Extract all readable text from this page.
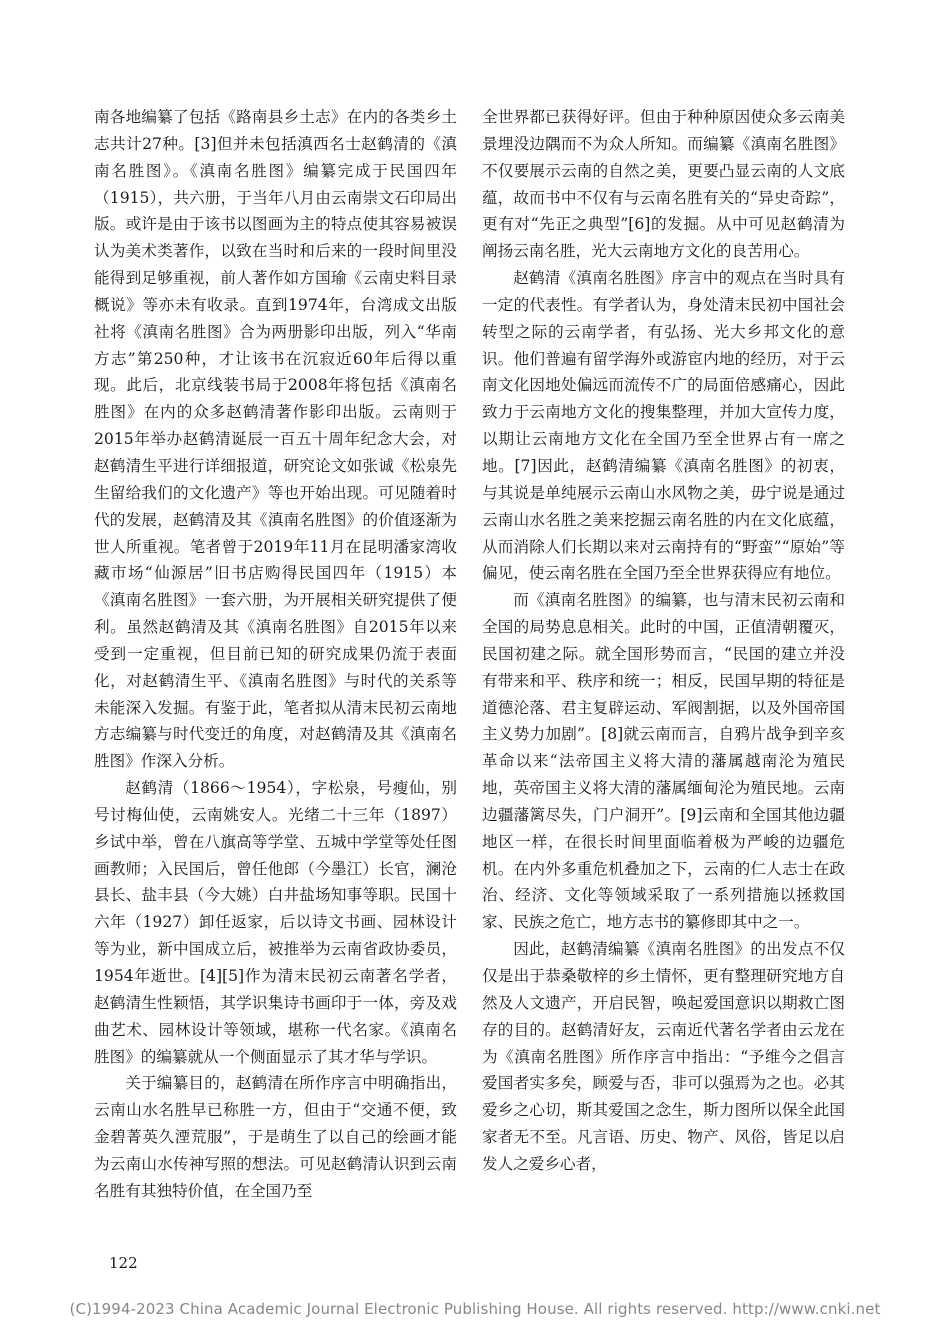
南各地编纂了包括《路南县乡土志》在内的各类乡土志共计27种。[3]但并未包括滇西名士赵鹤清的《滇南名胜图》。《滇南名胜图》编纂完成于民国四年（1915），共六册，于当年八月由云南崇文石印局出版。或许是由于该书以图画为主的特点使其容易被误认为美术类著作，以致在当时和后来的一段时间里没能得到足够重视，前人著作如方国瑜《云南史料目录概说》等亦未有收录。直到1974年，台湾成文出版社将《滇南名胜图》合为两册影印出版，列入“华南方志”第250种，才让该书在沉寂近60年后得以重现。此后，北京线装书局于2008年将包括《滇南名胜图》在内的众多赵鹤清著作影印出版。云南则于2015年举办赵鹤清诞辰一百五十周年纪念大会，对赵鹤清生平进行详细报道，研究论文如张诚《松泉先生留给我们的文化遗产》等也开始出现。可见随着时代的发展，赵鹤清及其《滇南名胜图》的价值逐渐为世人所重视。笔者曾于2019年11月在昆明潘家湾收藏市场“仙源居”旧书店购得民国四年（1915）本《滇南名胜图》一套六册，为开展相关研究提供了便利。虽然赵鹤清及其《滇南名胜图》自2015年以来受到一定重视，但目前已知的研究成果仍流于表面化，对赵鹤清生平、《滇南名胜图》与时代的关系等未能深入发掘。有鉴于此，笔者拟从清末民初云南地方志编纂与时代变迁的角度，对赵鹤清及其《滇南名胜图》作深入分析。

赵鹤清（1866～1954），字松泉，号瘦仙，别号讨梅仙使，云南姚安人。光绪二十三年（1897）乡试中举，曾在八旗高等学堂、五城中学堂等处任图画教师；入民国后，曾任他郎（今墨江）长官，澜沧县长、盐丰县（今大姚）白井盐场知事等职。民国十六年（1927）卸任返家，后以诗文书画、园林设计等为业，新中国成立后，被推举为云南省政协委员，1954年逝世。[4][5]作为清末民初云南著名学者，赵鹤清生性颖悟，其学识集诗书画印于一体，旁及戏曲艺术、园林设计等领域，堪称一代名家。《滇南名胜图》的编纂就从一个侧面显示了其才华与学识。

关于编纂目的，赵鹤清在所作序言中明确指出，云南山水名胜早已称胜一方，但由于“交通不便，致金碧菁英久湮荒服”，于是萌生了以自己的绘画才能为云南山水传神写照的想法。可见赵鹤清认识到云南名胜有其独特价值，在全国乃至

全世界都已获得好评。但由于种种原因使众多云南美景埋没边隅而不为众人所知。而编纂《滇南名胜图》不仅要展示云南的自然之美，更要凸显云南的人文底蕴，故而书中不仅有与云南名胜有关的“异史奇踪”，更有对“先正之典型”[6]的发掘。从中可见赵鹤清为阐扬云南名胜，光大云南地方文化的良苦用心。

赵鹤清《滇南名胜图》序言中的观点在当时具有一定的代表性。有学者认为，身处清末民初中国社会转型之际的云南学者，有弘扬、光大乡邦文化的意识。他们普遍有留学海外或游宦内地的经历，对于云南文化因地处偏远而流传不广的局面倍感痛心，因此致力于云南地方文化的搜集整理，并加大宣传力度，以期让云南地方文化在全国乃至全世界占有一席之地。[7]因此，赵鹤清编纂《滇南名胜图》的初衷，与其说是单纯展示云南山水风物之美，毋宁说是通过云南山水名胜之美来挖掘云南名胜的内在文化底蕴，从而消除人们长期以来对云南持有的“野蛮”“原始”等偏见，使云南名胜在全国乃至全世界获得应有地位。

而《滇南名胜图》的编纂，也与清末民初云南和全国的局势息息相关。此时的中国，正值清朝覆灭，民国初建之际。就全国形势而言，“民国的建立并没有带来和平、秩序和统一；相反，民国早期的特征是道德沦落、君主复辟运动、军阀割据，以及外国帝国主义势力加剧”。[8]就云南而言，自鸦片战争到辛亥革命以来“法帝国主义将大清的藩属越南沦为殖民地，英帝国主义将大清的藩属缅甸沦为殖民地。云南边疆藩篱尽失，门户洞开”。[9]云南和全国其他边疆地区一样，在很长时间里面临着极为严峻的边疆危机。在内外多重危机叠加之下，云南的仁人志士在政治、经济、文化等领域采取了一系列措施以拯救国家、民族之危亡，地方志书的纂修即其中之一。

因此，赵鹤清编纂《滇南名胜图》的出发点不仅仅是出于恭桑敬梓的乡土情怀，更有整理研究地方自然及人文遗产，开启民智，唤起爱国意识以期救亡图存的目的。赵鹤清好友，云南近代著名学者由云龙在为《滇南名胜图》所作序言中指出：“予维今之倡言爱国者实多矣，顾爱与否，非可以强焉为之也。必其爱乡之心切，斯其爱国之念生，斯力图所以保全此国家者无不至。凡言语、历史、物产、风俗，皆足以启发人之爱乡心者，

122
(C)1994-2023 China Academic Journal Electronic Publishing House. All rights reserved. http://www.cnki.net
